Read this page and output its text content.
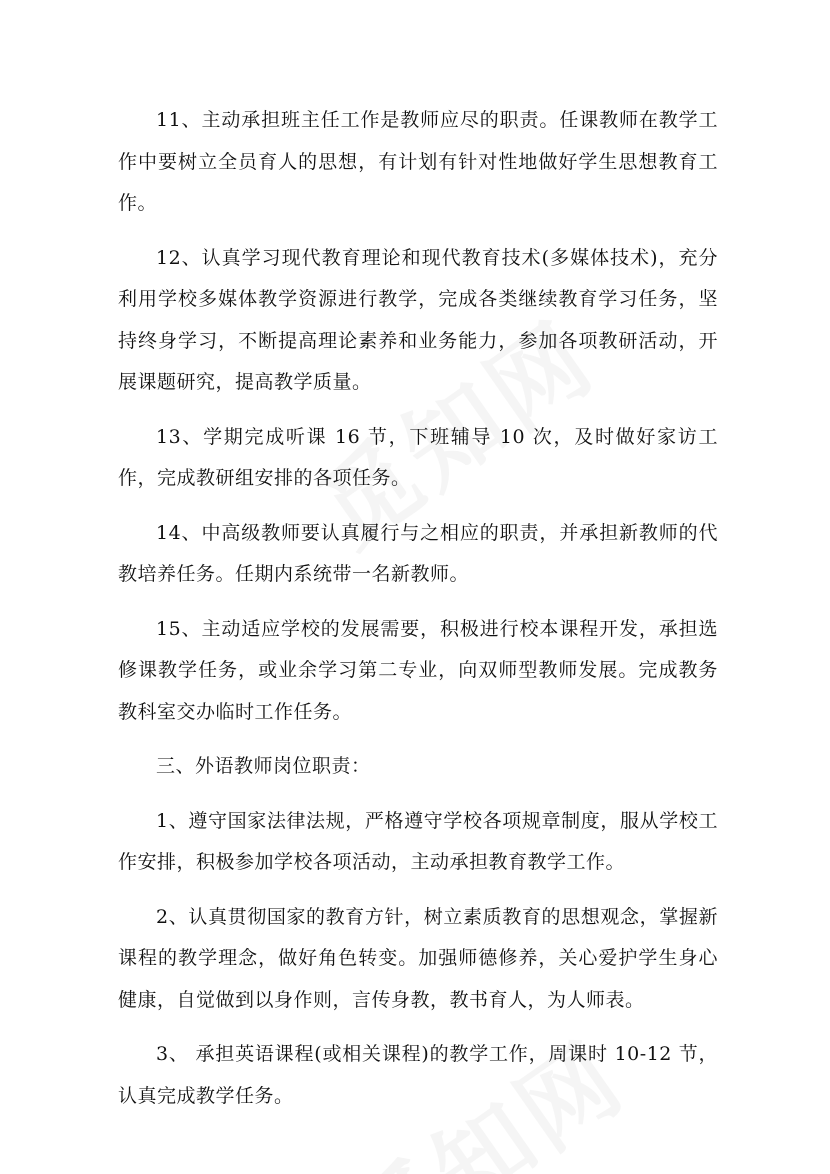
11、主动承担班主任工作是教师应尽的职责。任课教师在教学工作中要树立全员育人的思想，有计划有针对性地做好学生思想教育工作。

12、认真学习现代教育理论和现代教育技术(多媒体技术)，充分利用学校多媒体教学资源进行教学，完成各类继续教育学习任务，坚持终身学习，不断提高理论素养和业务能力，参加各项教研活动，开展课题研究，提高教学质量。

13、学期完成听课 16 节，下班辅导 10 次，及时做好家访工作，完成教研组安排的各项任务。

14、中高级教师要认真履行与之相应的职责，并承担新教师的代教培养任务。任期内系统带一名新教师。

15、主动适应学校的发展需要，积极进行校本课程开发，承担选修课教学任务，或业余学习第二专业，向双师型教师发展。完成教务教科室交办临时工作任务。

三、外语教师岗位职责：

1、遵守国家法律法规，严格遵守学校各项规章制度，服从学校工作安排，积极参加学校各项活动，主动承担教育教学工作。

2、认真贯彻国家的教育方针，树立素质教育的思想观念，掌握新课程的教学理念，做好角色转变。加强师德修养，关心爱护学生身心健康，自觉做到以身作则，言传身教，教书育人，为人师表。

3、 承担英语课程(或相关课程)的教学工作，周课时 10-12 节，认真完成教学任务。
